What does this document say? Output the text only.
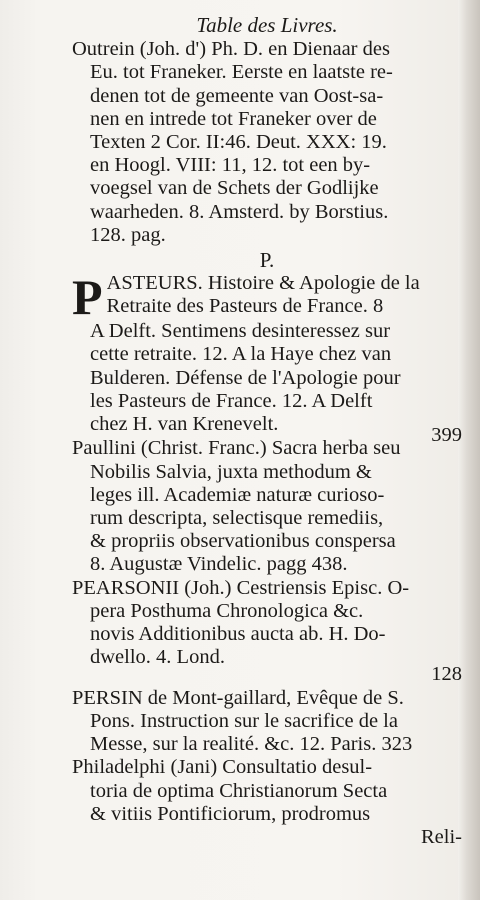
Table des Livres.
Outrein (Joh. d') Ph. D. en Dienaar des
Eu. tot Franeker. Eerste en laatste re-
denen tot de gemeente van Oost-sa-
nen en intrede tot Franeker over de
Texten 2 Cor. II:46. Deut. XXX: 19.
en Hoogl. VIII: 11, 12. tot een by-
voegsel van de Schets der Godlijke
waarheden. 8. Amsterd. by Borstius.
128. pag.
P.
P ASTEURS. Histoire & Apologie de la
Retraite des Pasteurs de France. 8
A Delft. Sentimens desinteressez sur
cette retraite. 12. A la Haye chez van
Bulderen. Défense de l'Apologie pour
les Pasteurs de France. 12. A Delft
chez H. van Krenevelt.
399
Paullini (Christ. Franc.) Sacra herba seu
Nobilis Salvia, juxta methodum &
leges ill. Academiæ naturæ curioso-
rum descripta, selectisque remediis,
& propriis observationibus conspersa
8. Augustæ Vindelic. pagg 438.
PEARSONII (Joh.) Cestriensis Episc. O-
pera Posthuma Chronologica &c.
novis Additionibus aucta ab. H. Do-
dwello. 4. Lond.
128
PERSIN de Mont-gaillard, Evêque de S.
Pons. Instruction sur le sacrifice de la
Messe, sur la realité. &c. 12. Paris. 323
Philadelphi (Jani) Consultatio desul-
toria de optima Christianorum Secta
& vitiis Pontificiorum, prodromus
Reli-
